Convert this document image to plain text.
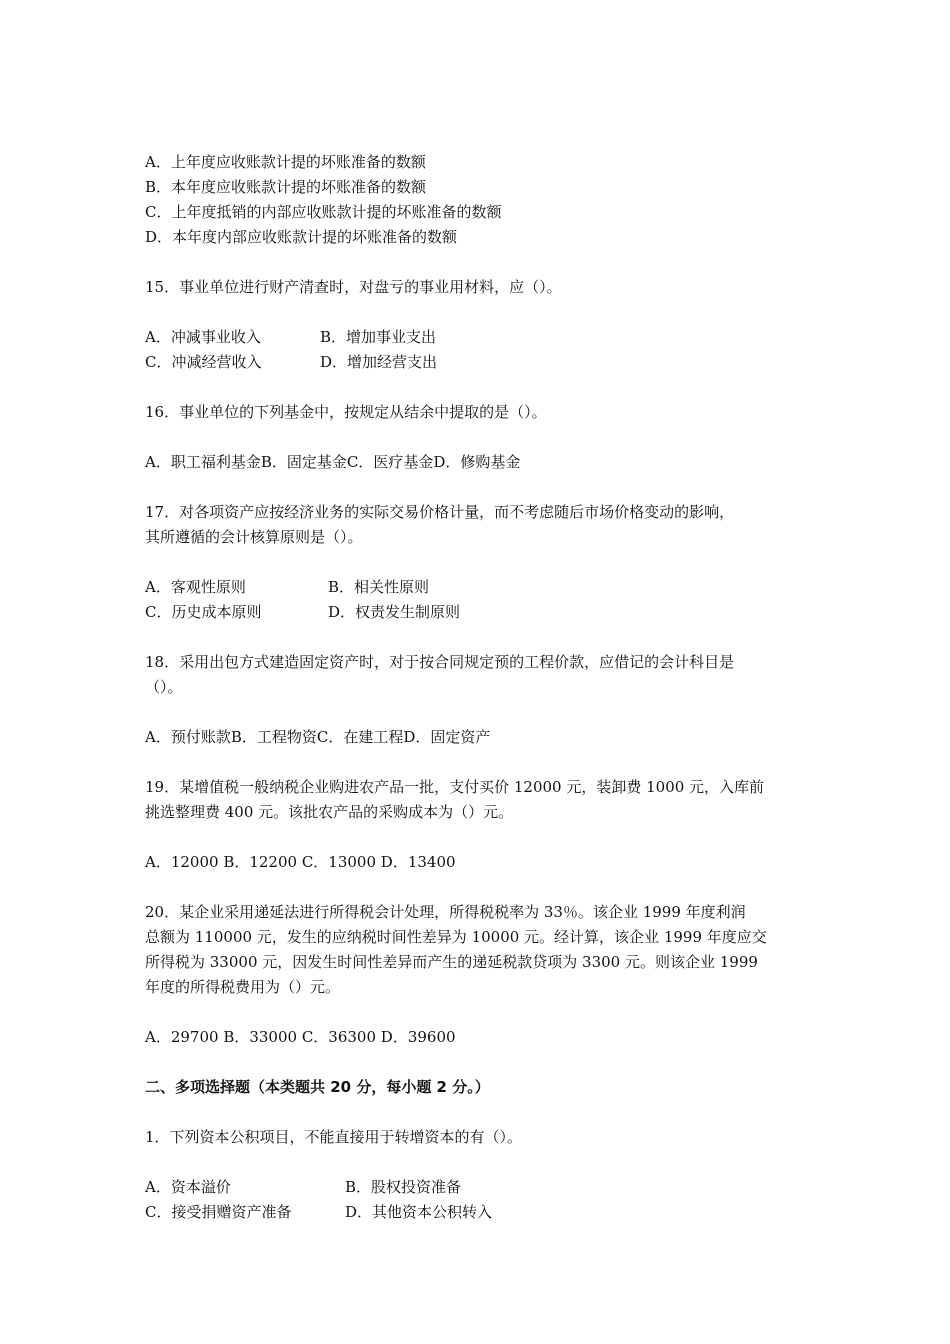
A．上年度应收账款计提的坏账准备的数额
B．本年度应收账款计提的坏账准备的数额
C．上年度抵销的内部应收账款计提的坏账准备的数额
D．本年度内部应收账款计提的坏账准备的数额
15．事业单位进行财产清查时，对盘亏的事业用材料，应（）。
A．冲减事业收入	B．增加事业支出
C．冲减经营收入	D．增加经营支出
16．事业单位的下列基金中，按规定从结余中提取的是（）。
A．职工福利基金B．固定基金C．医疗基金D．修购基金
17．对各项资产应按经济业务的实际交易价格计量，而不考虑随后市场价格变动的影响，
其所遵循的会计核算原则是（）。
A．客观性原则	B．相关性原则
C．历史成本原则	D．权责发生制原则
18．采用出包方式建造固定资产时，对于按合同规定预的工程价款，应借记的会计科目是
（）。
A．预付账款B．工程物资C．在建工程D．固定资产
19．某增值税一般纳税企业购进农产品一批，支付买价 12000 元，装卸费 1000 元，入库前
挑选整理费 400 元。该批农产品的采购成本为（）元。
A．12000 B．12200 C．13000 D．13400
20．某企业采用递延法进行所得税会计处理，所得税税率为 33％。该企业 1999 年度利润
总额为 110000 元，发生的应纳税时间性差异为 10000 元。经计算，该企业 1999 年度应交
所得税为 33000 元，因发生时间性差异而产生的递延税款贷项为 3300 元。则该企业 1999
年度的所得税费用为（）元。
A．29700 B．33000 C．36300 D．39600
二、多项选择题（本类题共 20 分，每小题 2 分。）
1．下列资本公积项目，不能直接用于转增资本的有（）。
A．资本溢价	B．股权投资准备
C．接受捐赠资产准备	D．其他资本公积转入
